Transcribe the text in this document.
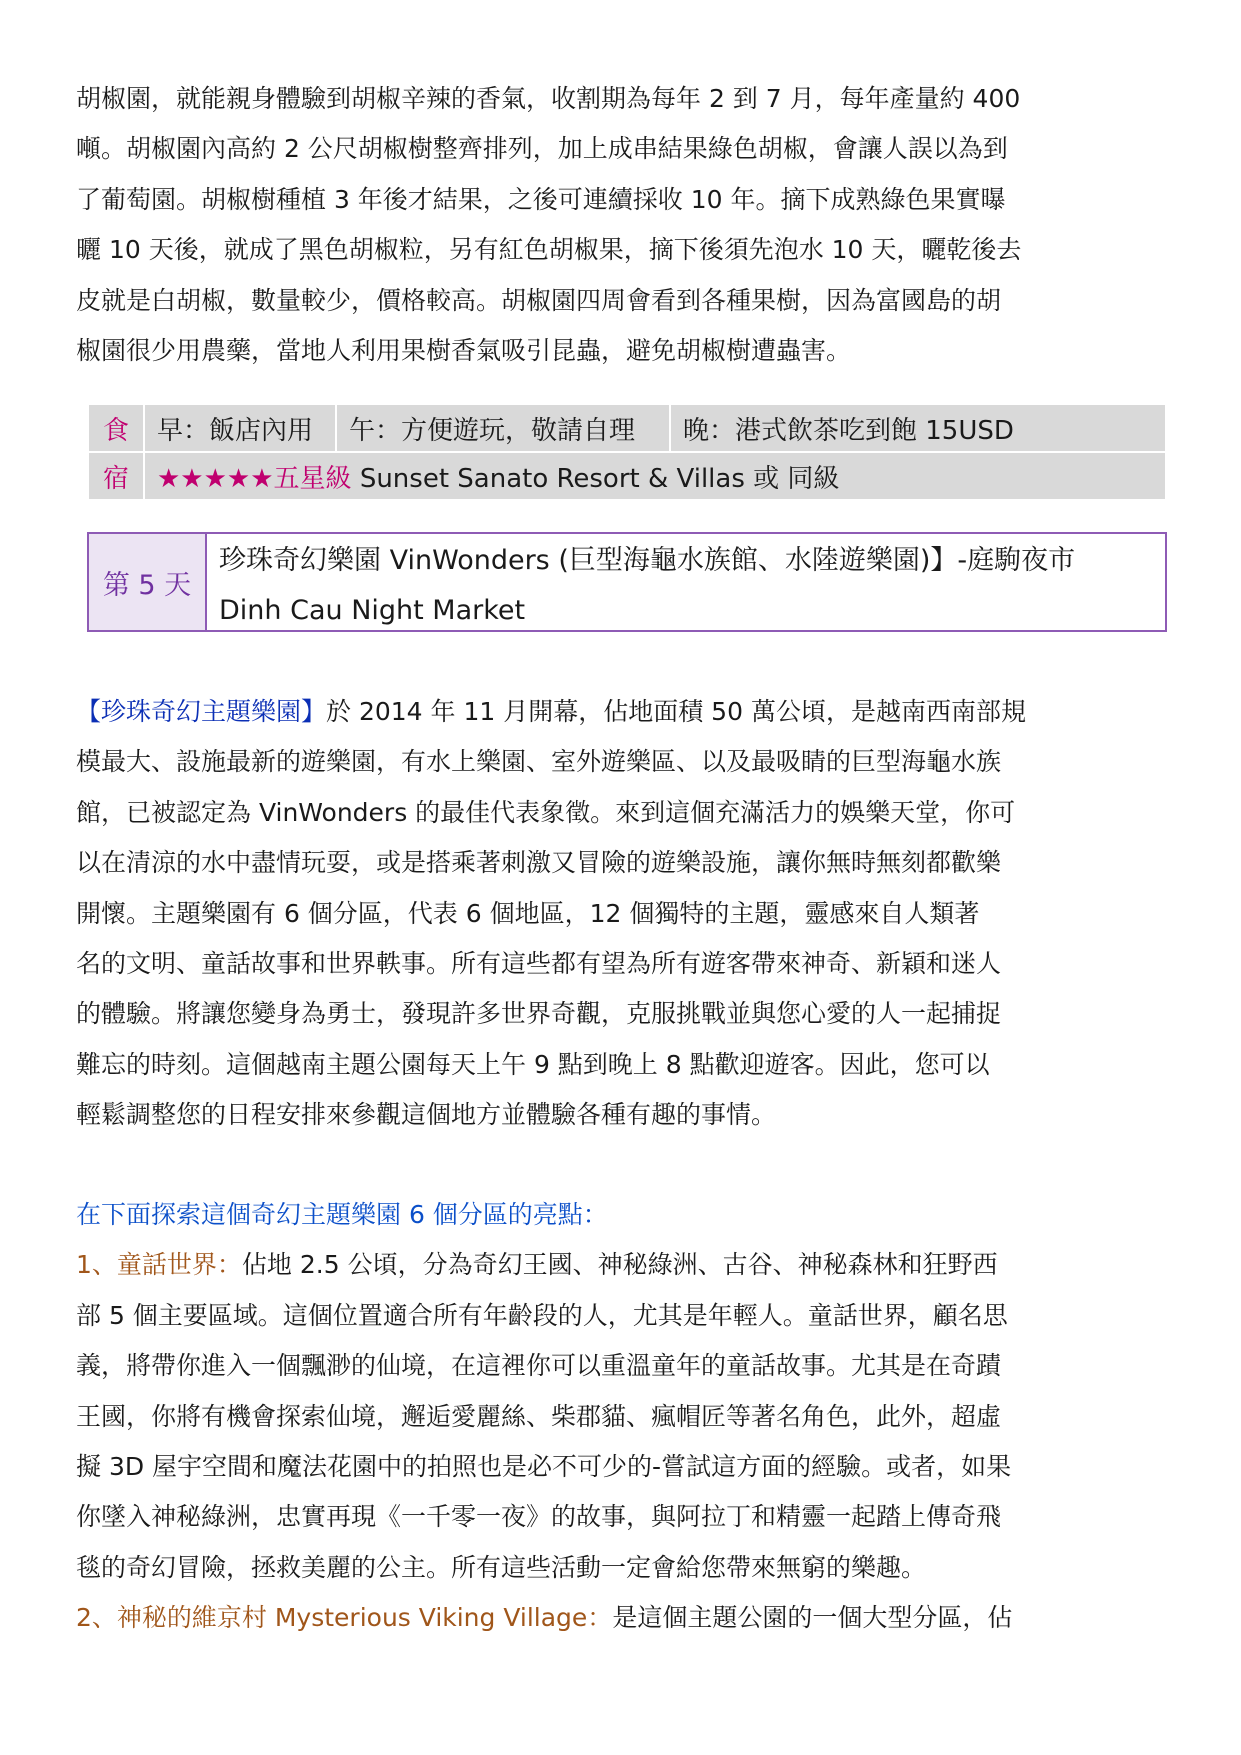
胡椒園，就能親身體驗到胡椒辛辣的香氣，收割期為每年 2 到 7 月，每年產量約 400
噸。胡椒園內高約 2 公尺胡椒樹整齊排列，加上成串結果綠色胡椒，會讓人誤以為到
了葡萄園。胡椒樹種植 3 年後才結果，之後可連續採收 10 年。摘下成熟綠色果實曝
曬 10 天後，就成了黑色胡椒粒，另有紅色胡椒果，摘下後須先泡水 10 天，曬乾後去
皮就是白胡椒，數量較少，價格較高。胡椒園四周會看到各種果樹，因為富國島的胡
椒園很少用農藥，當地人利用果樹香氣吸引昆蟲，避免胡椒樹遭蟲害。

食	早：飯店內用	午：方便遊玩，敬請自理	晚：港式飲茶吃到飽 15USD
宿	★★★★★五星級 Sunset Sanato Resort & Villas 或 同級		
第 5 天
珍珠奇幻樂園 VinWonders (巨型海龜水族館、水陸遊樂園)】-庭駒夜市
Dinh Cau Night Market

【珍珠奇幻主題樂園】於 2014 年 11 月開幕，佔地面積 50 萬公頃，是越南西南部規
模最大、設施最新的遊樂園，有水上樂園、室外遊樂區、以及最吸睛的巨型海龜水族
館，已被認定為 VinWonders 的最佳代表象徵。來到這個充滿活力的娛樂天堂，你可
以在清涼的水中盡情玩耍，或是搭乘著刺激又冒險的遊樂設施，讓你無時無刻都歡樂
開懷。主題樂園有 6 個分區，代表 6 個地區，12 個獨特的主題，靈感來自人類著
名的文明、童話故事和世界軼事。所有這些都有望為所有遊客帶來神奇、新穎和迷人
的體驗。將讓您變身為勇士，發現許多世界奇觀，克服挑戰並與您心愛的人一起捕捉
難忘的時刻。這個越南主題公園每天上午 9 點到晚上 8 點歡迎遊客。因此，您可以
輕鬆調整您的日程安排來參觀這個地方並體驗各種有趣的事情。

在下面探索這個奇幻主題樂園 6 個分區的亮點：
1、童話世界：佔地 2.5 公頃，分為奇幻王國、神秘綠洲、古谷、神秘森林和狂野西
部 5 個主要區域。這個位置適合所有年齡段的人，尤其是年輕人。童話世界，顧名思
義，將帶你進入一個飄渺的仙境，在這裡你可以重溫童年的童話故事。尤其是在奇蹟
王國，你將有機會探索仙境，邂逅愛麗絲、柴郡貓、瘋帽匠等著名角色，此外，超虛
擬 3D 屋宇空間和魔法花園中的拍照也是必不可少的-嘗試這方面的經驗。或者，如果
你墜入神秘綠洲，忠實再現《一千零一夜》的故事，與阿拉丁和精靈一起踏上傳奇飛
毯的奇幻冒險，拯救美麗的公主。所有這些活動一定會給您帶來無窮的樂趣。
2、神秘的維京村 Mysterious Viking Village：是這個主題公園的一個大型分區，佔
